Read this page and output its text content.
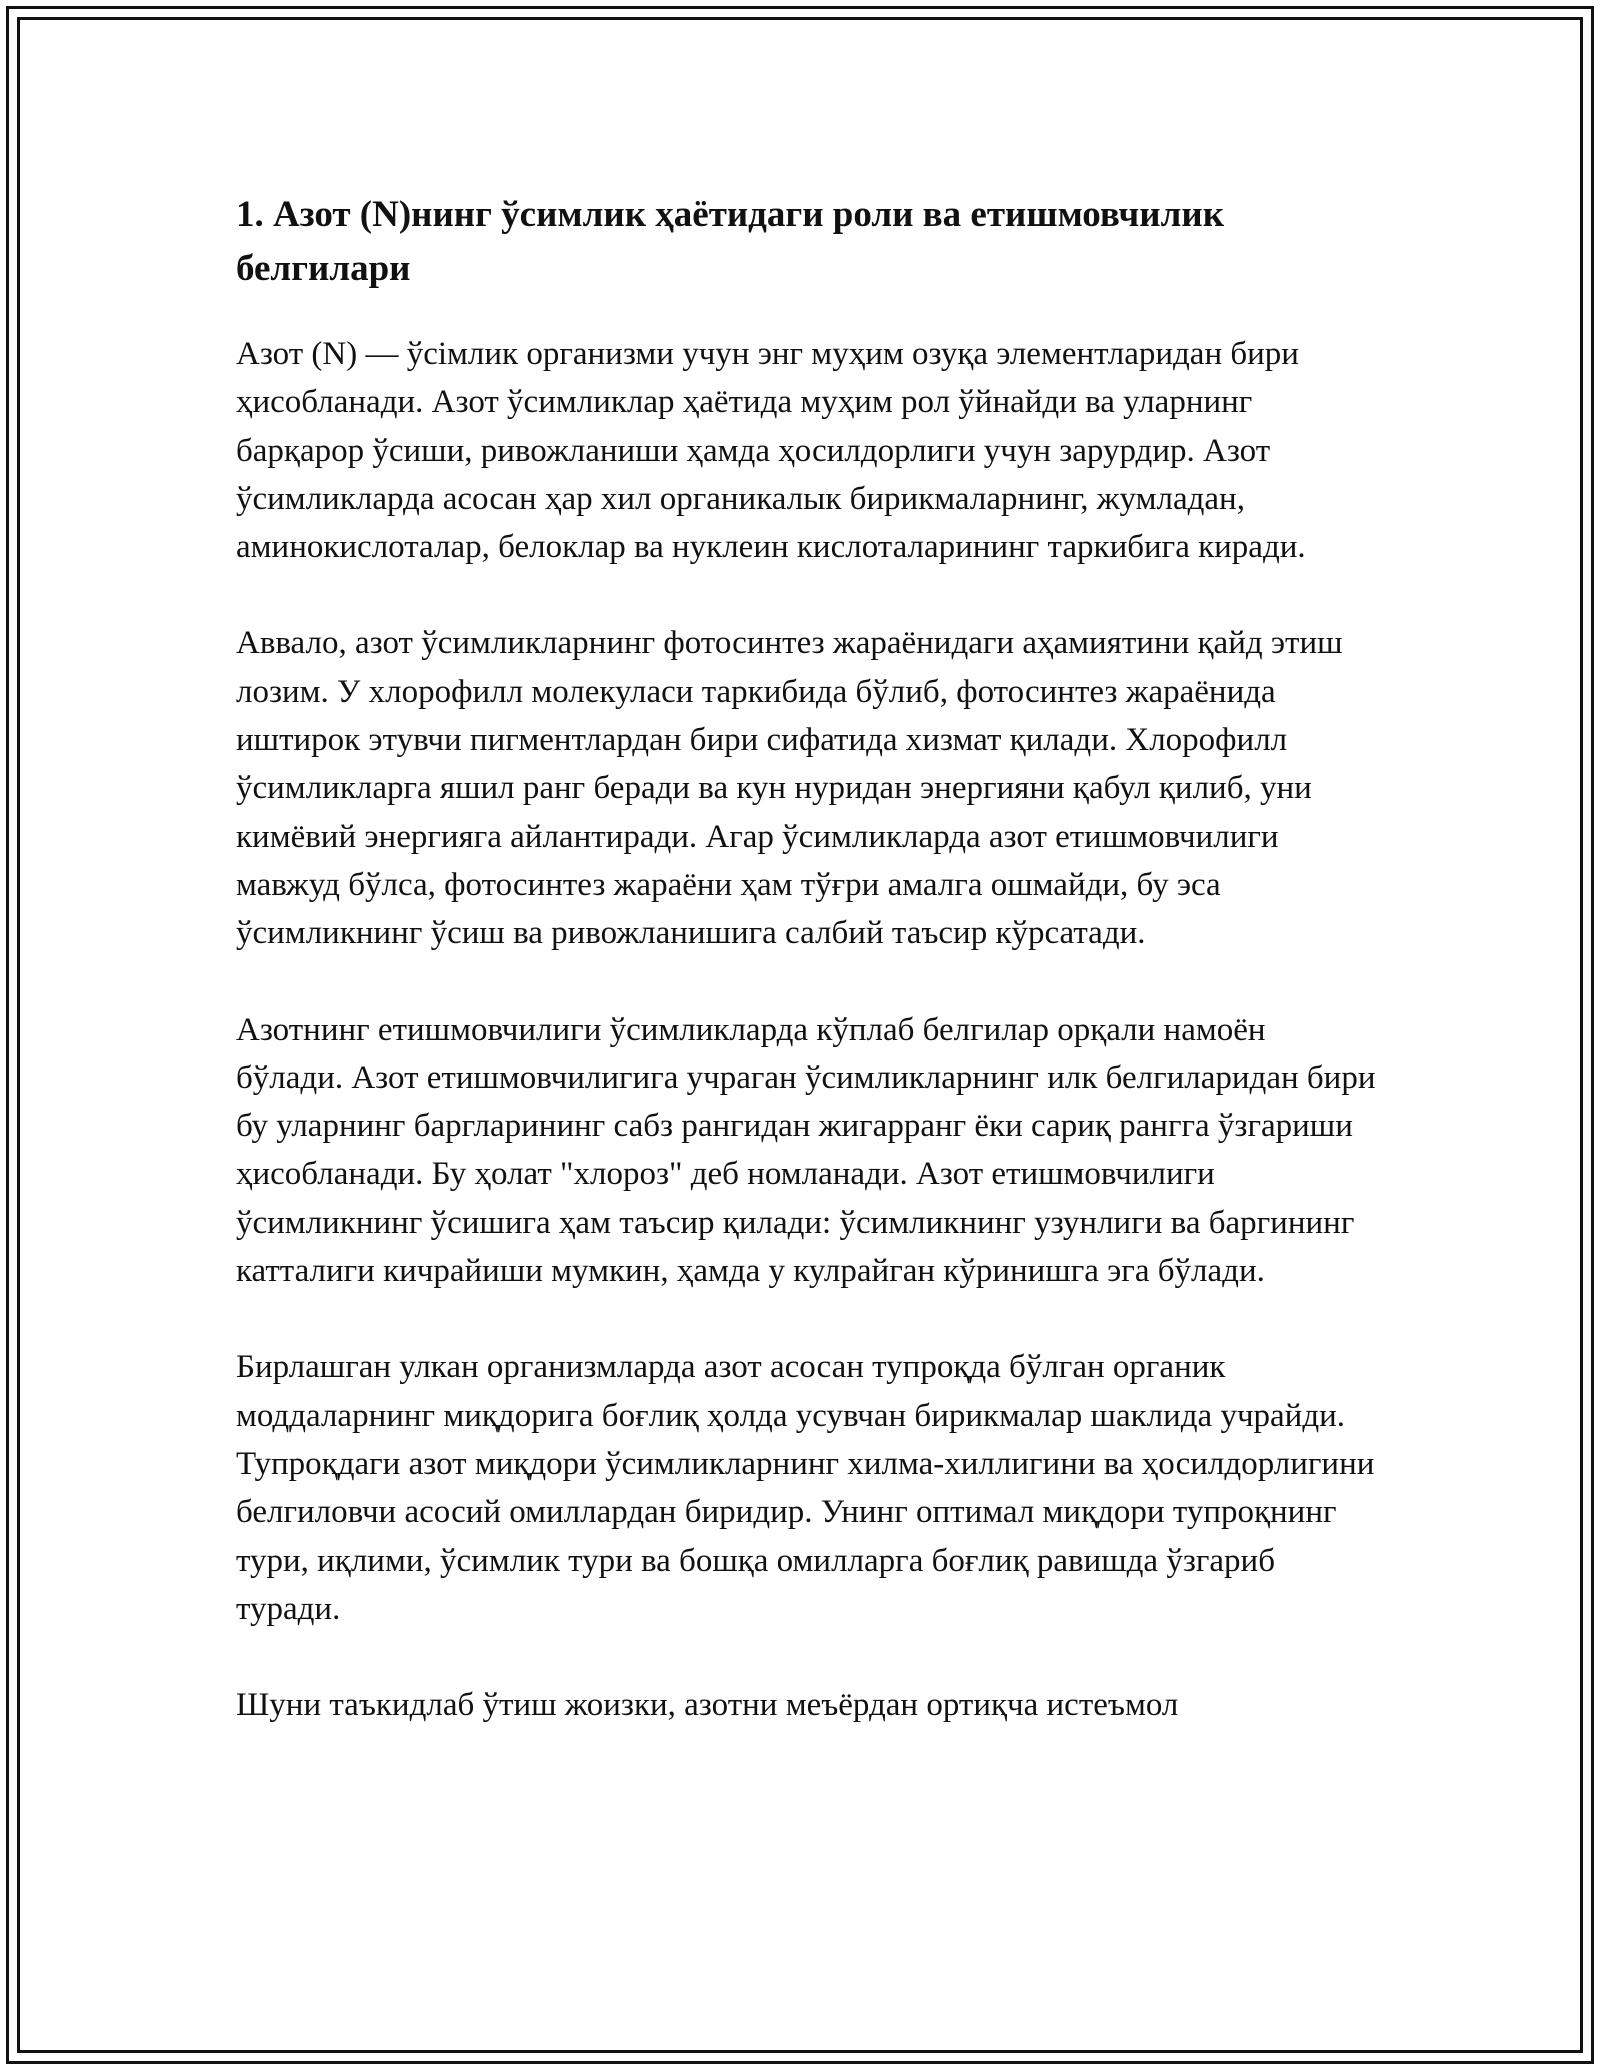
1. Азот (N)нинг ўсимлик ҳаётидаги роли ва етишмовчилик белгилари

Азот (N) — ўсімлик организми учун энг муҳим озуқа элементларидан бири ҳисобланади. Азот ўсимликлар ҳаётида муҳим рол ўйнайди ва уларнинг барқарор ўсиши, ривожланиши ҳамда ҳосилдорлиги учун зарурдир. Азот ўсимликларда асосан ҳар хил органикалык бирикмаларнинг, жумладан, аминокислоталар, белоклар ва нуклеин кислоталарининг таркибига киради.

Аввало, азот ўсимликларнинг фотосинтез жараёнидаги аҳамиятини қайд этиш лозим. У хлорофилл молекуласи таркибида бўлиб, фотосинтез жараёнида иштирок этувчи пигментлардан бири сифатида хизмат қилади. Хлорофилл ўсимликларга яшил ранг беради ва кун нуридан энергияни қабул қилиб, уни кимёвий энергияга айлантиради. Агар ўсимликларда азот етишмовчилиги мавжуд бўлса, фотосинтез жараёни ҳам тўғри амалга ошмайди, бу эса ўсимликнинг ўсиш ва ривожланишига салбий таъсир кўрсатади.

Азотнинг етишмовчилиги ўсимликларда кўплаб белгилар орқали намоён бўлади. Азот етишмовчилигига учраган ўсимликларнинг илк белгиларидан бири бу уларнинг баргларининг сабз рангидан жигарранг ёки сариқ рангга ўзгариши ҳисобланади. Бу ҳолат "хлороз" деб номланади. Азот етишмовчилиги ўсимликнинг ўсишига ҳам таъсир қилади: ўсимликнинг узунлиги ва баргининг катталиги кичрайиши мумкин, ҳамда у кулрайган кўринишга эга бўлади.

Бирлашган улкан организмларда азот асосан тупроқда бўлган органик моддаларнинг миқдорига боғлиқ ҳолда усувчан бирикмалар шаклида учрайди. Тупроқдаги азот миқдори ўсимликларнинг хилма-хиллигини ва ҳосилдорлигини белгиловчи асосий омиллардан биридир. Унинг оптимал миқдори тупроқнинг тури, иқлими, ўсимлик тури ва бошқа омилларга боғлиқ равишда ўзгариб туради.

Шуни таъкидлаб ўтиш жоизки, азотни меъёрдан ортиқча истеъмол
